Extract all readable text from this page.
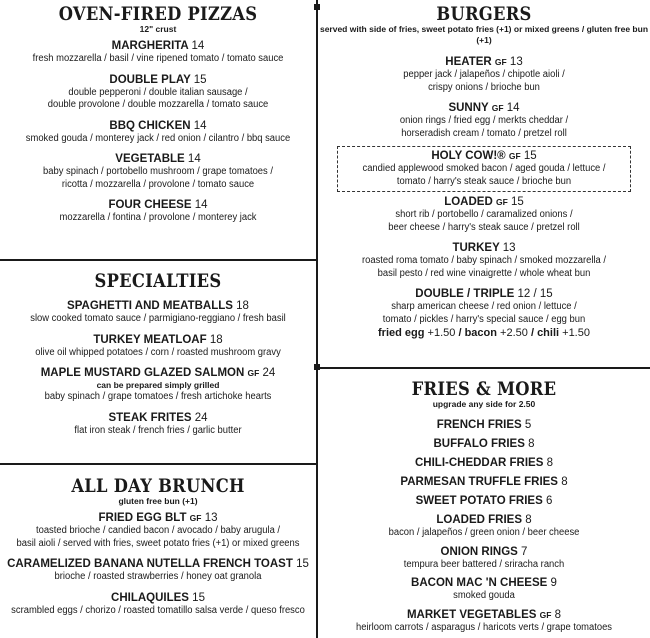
OVEN-FIRED PIZZAS
12" crust
MARGHERITA 14
fresh mozzarella / basil / vine ripened tomato / tomato sauce
DOUBLE PLAY 15
double pepperoni / double italian sausage /
double provolone / double mozzarella / tomato sauce
BBQ CHICKEN 14
smoked gouda / monterey jack / red onion / cilantro / bbq sauce
VEGETABLE 14
baby spinach / portobello mushroom / grape tomatoes /
ricotta / mozzarella / provolone / tomato sauce
FOUR CHEESE 14
mozzarella / fontina / provolone / monterey jack
SPECIALTIES
SPAGHETTI AND MEATBALLS 18
slow cooked tomato sauce / parmigiano-reggiano / fresh basil
TURKEY MEATLOAF 18
olive oil whipped potatoes / corn / roasted mushroom gravy
MAPLE MUSTARD GLAZED SALMON GF 24
can be prepared simply grilled
baby spinach / grape tomatoes / fresh artichoke hearts
STEAK FRITES 24
flat iron steak / french fries / garlic butter
ALL DAY BRUNCH
gluten free bun (+1)
FRIED EGG BLT GF 13
toasted brioche / candied bacon / avocado / baby arugula /
basil aioli / served with fries, sweet potato fries (+1) or mixed greens
CARAMELIZED BANANA NUTELLA FRENCH TOAST 15
brioche / roasted strawberries / honey oat granola
CHILAQUILES 15
scrambled eggs / chorizo / roasted tomatillo salsa verde / queso fresco
BURGERS
served with side of fries, sweet potato fries (+1) or mixed greens / gluten free bun (+1)
HEATER GF 13
pepper jack / jalapeños / chipotle aioli /
crispy onions / brioche bun
SUNNY GF 14
onion rings / fried egg / merkts cheddar /
horseradish cream / tomato / pretzel roll
HOLY COW!® GF 15
candied applewood smoked bacon / aged gouda / lettuce /
tomato / harry's steak sauce / brioche bun
LOADED GF 15
short rib / portobello / caramalized onions /
beer cheese / harry's steak sauce / pretzel roll
TURKEY 13
roasted roma tomato / baby spinach / smoked mozzarella /
basil pesto / red wine vinaigrette / whole wheat bun
DOUBLE / TRIPLE 12 / 15
sharp american cheese / red onion / lettuce /
tomato / pickles / harry's special sauce / egg bun
fried egg +1.50 / bacon +2.50 / chili +1.50
FRIES & MORE
upgrade any side for 2.50
FRENCH FRIES 5
BUFFALO FRIES 8
CHILI-CHEDDAR FRIES 8
PARMESAN TRUFFLE FRIES 8
SWEET POTATO FRIES 6
LOADED FRIES 8
bacon / jalapeños / green onion / beer cheese
ONION RINGS 7
tempura beer battered / sriracha ranch
BACON MAC 'N CHEESE 9
smoked gouda
MARKET VEGETABLES GF 8
heirloom carrots / asparagus / haricots verts / grape tomatoes
